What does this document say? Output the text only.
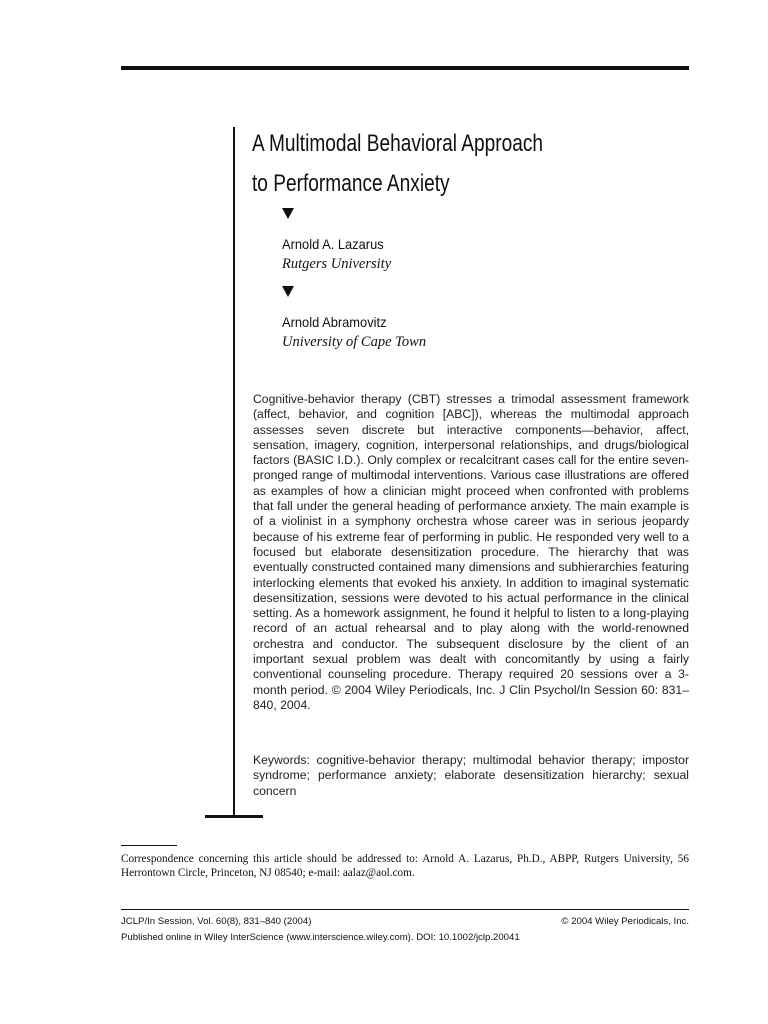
A Multimodal Behavioral Approach
to Performance Anxiety
Arnold A. Lazarus
Rutgers University
Arnold Abramovitz
University of Cape Town

Cognitive-behavior therapy (CBT) stresses a trimodal assessment framework (affect, behavior, and cognition [ABC]), whereas the multimodal approach assesses seven discrete but interactive components—behavior, affect, sensation, imagery, cognition, interpersonal relationships, and drugs/biological factors (BASIC I.D.). Only complex or recalcitrant cases call for the entire seven-pronged range of multimodal interventions. Various case illustrations are offered as examples of how a clinician might proceed when confronted with problems that fall under the general heading of performance anxiety. The main example is of a violinist in a symphony orchestra whose career was in serious jeopardy because of his extreme fear of performing in public. He responded very well to a focused but elaborate desensitization procedure. The hierarchy that was eventually constructed contained many dimensions and subhierarchies featuring interlocking elements that evoked his anxiety. In addition to imaginal systematic desensitization, sessions were devoted to his actual performance in the clinical setting. As a homework assignment, he found it helpful to listen to a long-playing record of an actual rehearsal and to play along with the world-renowned orchestra and conductor. The subsequent disclosure by the client of an important sexual problem was dealt with concomitantly by using a fairly conventional counseling procedure. Therapy required 20 sessions over a 3-month period. © 2004 Wiley Periodicals, Inc. J Clin Psychol/In Session 60: 831–840, 2004.

Keywords: cognitive-behavior therapy; multimodal behavior therapy; impostor syndrome; performance anxiety; elaborate desensitization hierarchy; sexual concern

Correspondence concerning this article should be addressed to: Arnold A. Lazarus, Ph.D., ABPP, Rutgers University, 56 Herrontown Circle, Princeton, NJ 08540; e-mail: aalaz@aol.com.

JCLP/In Session, Vol. 60(8), 831–840 (2004)	© 2004 Wiley Periodicals, Inc.
Published online in Wiley InterScience (www.interscience.wiley.com). DOI: 10.1002/jclp.20041
